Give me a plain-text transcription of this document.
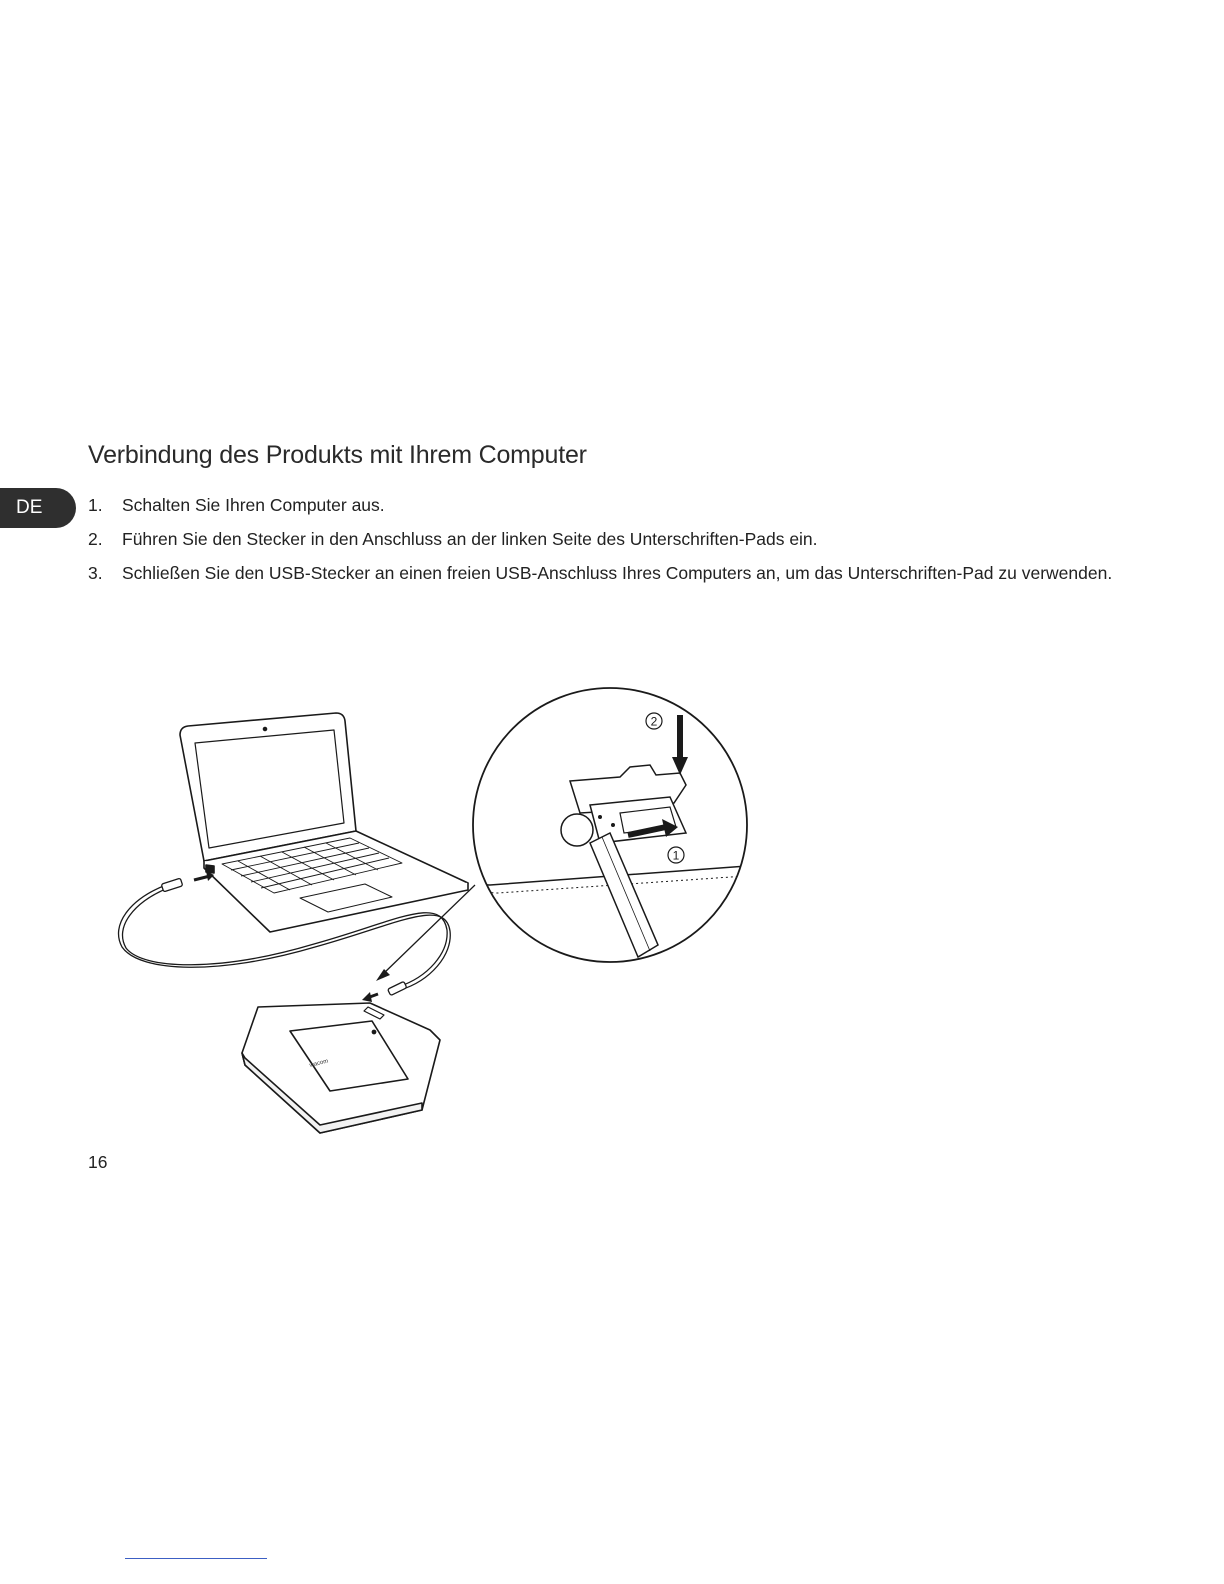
DE
Verbindung des Produkts mit Ihrem Computer
1. Schalten Sie Ihren Computer aus.
2. Führen Sie den Stecker in den Anschluss an der linken Seite des Unterschriften-Pads ein.
3. Schließen Sie den USB-Stecker an einen freien USB-Anschluss Ihres Computers an, um das Unterschriften-Pad zu verwenden.
wacom
2
1
16
